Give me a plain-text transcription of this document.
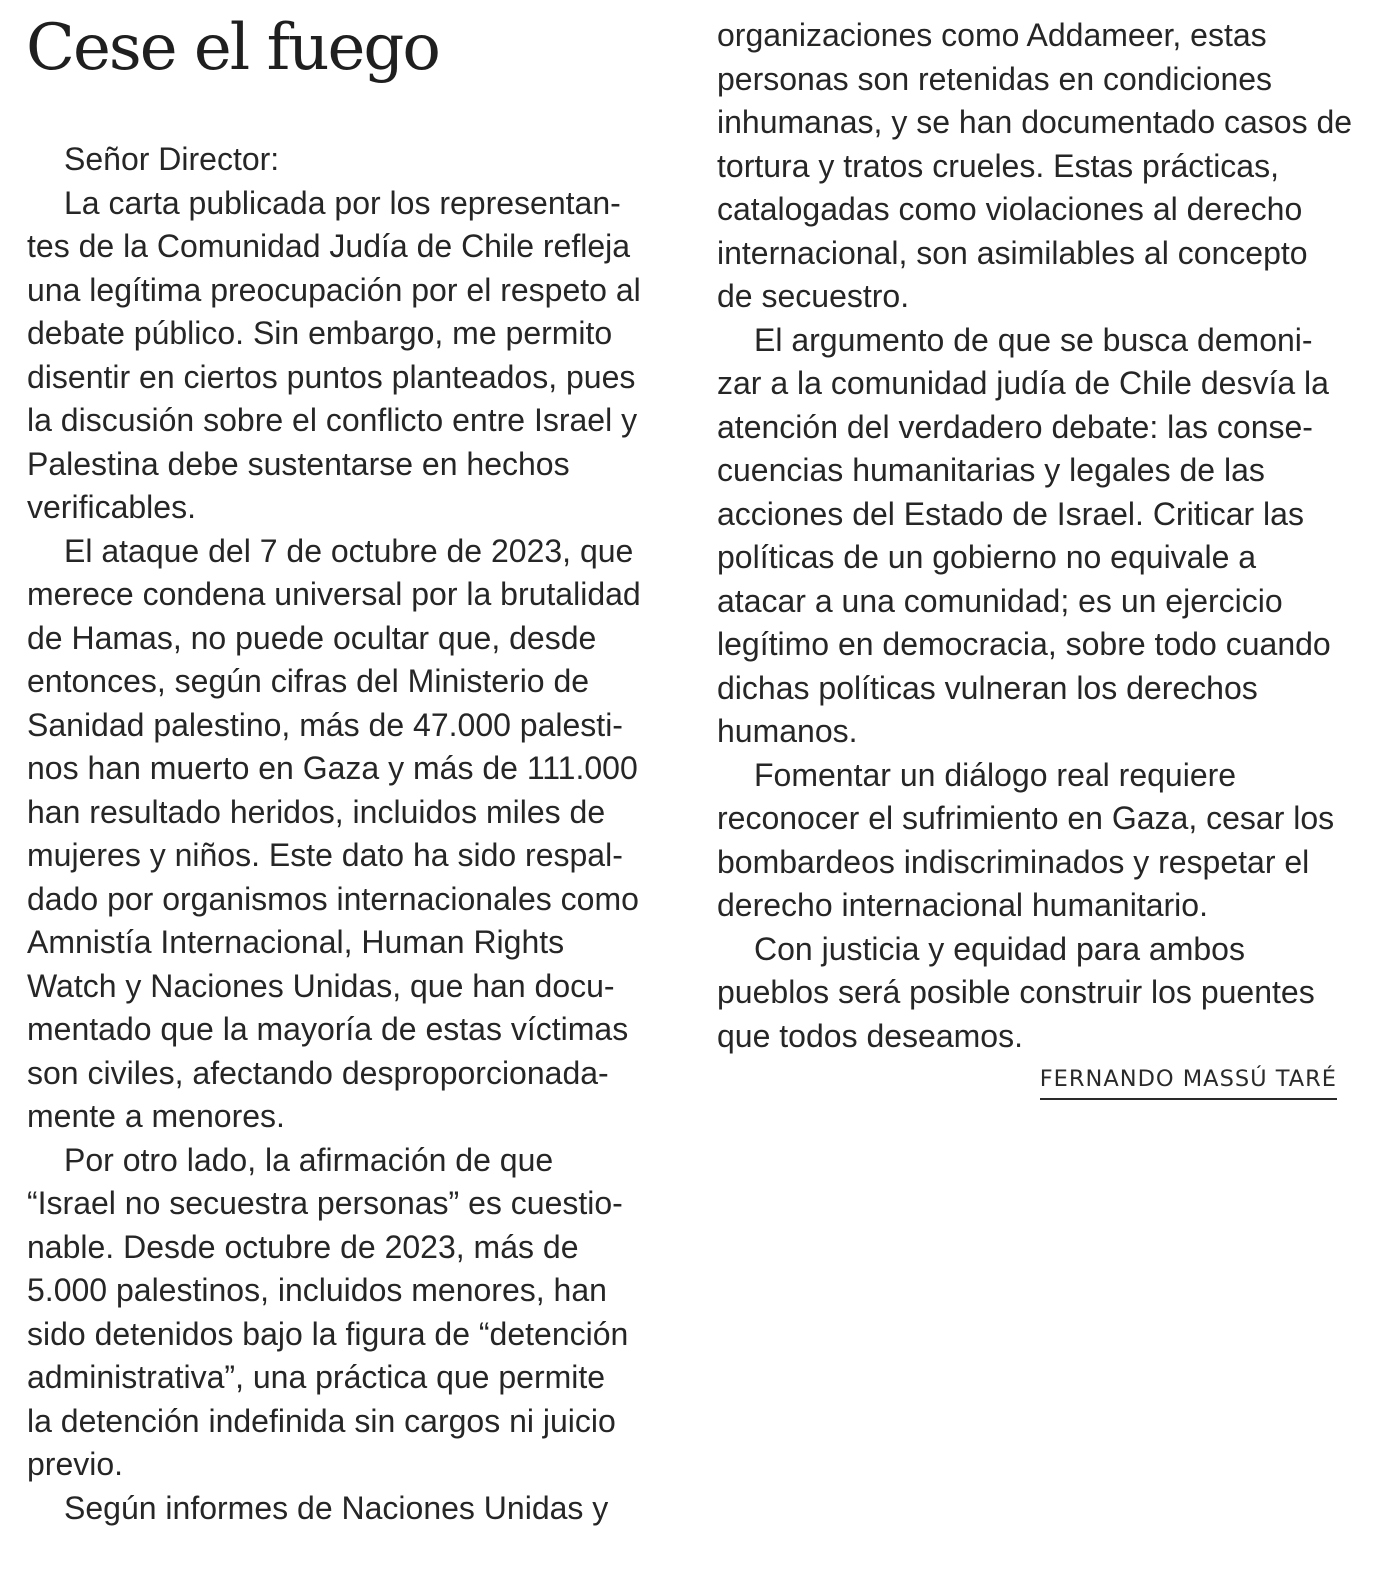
Cese el fuego
Señor Director:
La carta publicada por los representan-
tes de la Comunidad Judía de Chile refleja
una legítima preocupación por el respeto al
debate público. Sin embargo, me permito
disentir en ciertos puntos planteados, pues
la discusión sobre el conflicto entre Israel y
Palestina debe sustentarse en hechos
verificables.
El ataque del 7 de octubre de 2023, que
merece condena universal por la brutalidad
de Hamas, no puede ocultar que, desde
entonces, según cifras del Ministerio de
Sanidad palestino, más de 47.000 palesti-
nos han muerto en Gaza y más de 111.000
han resultado heridos, incluidos miles de
mujeres y niños. Este dato ha sido respal-
dado por organismos internacionales como
Amnistía Internacional, Human Rights
Watch y Naciones Unidas, que han docu-
mentado que la mayoría de estas víctimas
son civiles, afectando desproporcionada-
mente a menores.
Por otro lado, la afirmación de que
“Israel no secuestra personas” es cuestio-
nable. Desde octubre de 2023, más de
5.000 palestinos, incluidos menores, han
sido detenidos bajo la figura de “detención
administrativa”, una práctica que permite
la detención indefinida sin cargos ni juicio
previo.
Según informes de Naciones Unidas y
organizaciones como Addameer, estas
personas son retenidas en condiciones
inhumanas, y se han documentado casos de
tortura y tratos crueles. Estas prácticas,
catalogadas como violaciones al derecho
internacional, son asimilables al concepto
de secuestro.
El argumento de que se busca demoni-
zar a la comunidad judía de Chile desvía la
atención del verdadero debate: las conse-
cuencias humanitarias y legales de las
acciones del Estado de Israel. Criticar las
políticas de un gobierno no equivale a
atacar a una comunidad; es un ejercicio
legítimo en democracia, sobre todo cuando
dichas políticas vulneran los derechos
humanos.
Fomentar un diálogo real requiere
reconocer el sufrimiento en Gaza, cesar los
bombardeos indiscriminados y respetar el
derecho internacional humanitario.
Con justicia y equidad para ambos
pueblos será posible construir los puentes
que todos deseamos.
FERNANDO MASSÚ TARÉ
